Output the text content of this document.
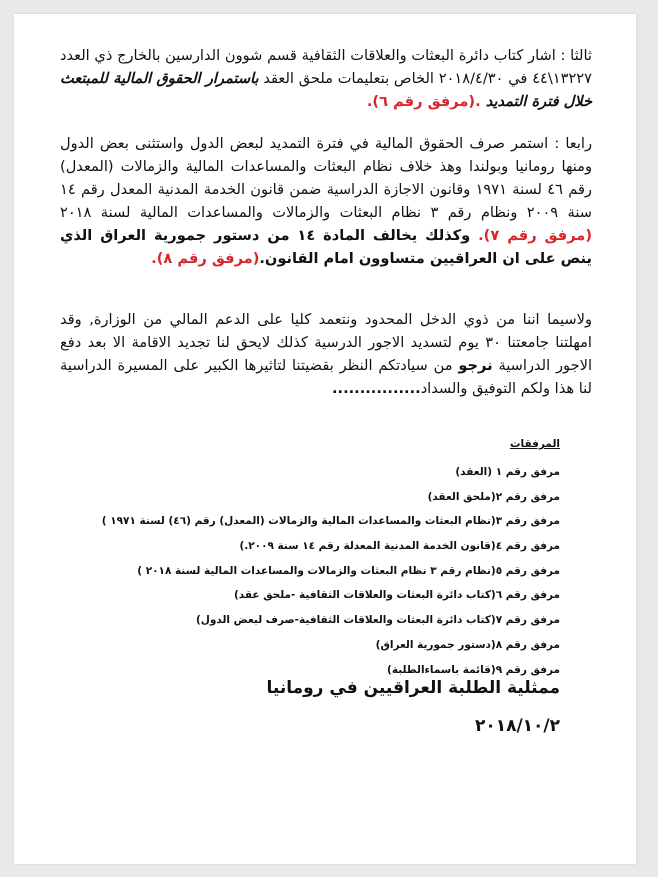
ثالثا : اشار كتاب دائرة البعثات والعلاقات الثقافية قسم شوون الدارسين بالخارج ذي العدد ١٣٢٢٧\٤٤ في ٢٠١٨/٤/٣٠ الخاص بتعليمات ملحق العقد باستمرار الحقوق المالية للمبتعث خلال فترة التمديد .(مرفق رقم ٦).

رابعا : استمر صرف الحقوق المالية في فترة التمديد لبعض الدول واستثنى بعض الدول ومنها رومانيا وبولندا وهذ خلاف نظام البعثات والمساعدات المالية والزمالات (المعدل) رقم ٤٦ لسنة ١٩٧١ وقانون الاجازة الدراسية ضمن قانون الخدمة المدنية المعدل رقم ١٤ سنة ٢٠٠٩ ونظام رقم ٣ نظام البعثات والزمالات والمساعدات المالية لسنة ٢٠١٨ (مرفق رقم ٧). وكذلك يخالف المادة ١٤ من دستور جمورية العراق الذي ينص على ان العراقيين متساوون امام القانون.(مرفق رقم ٨).

ولاسيما اننا من ذوي الدخل المحدود ونتعمد كليا على الدعم المالي من الوزارة, وقد امهلتنا جامعتنا ٣٠ يوم لتسديد الاجور الدرسية كذلك لايحق لنا تجديد الاقامة الا بعد دفع الاجور الدراسية نرجو من سيادتكم النظر بقضيتنا لتاثيرها الكبير على المسيرة الدراسية لنا هذا ولكم التوفيق والسداد................

المرفقات
مرفق رقم ١ (العقد)
مرفق رقم ٢(ملحق العقد)
مرفق رقم ٣(نظام البعثات والمساعدات المالية والزمالات (المعدل) رقم (٤٦) لسنة ١٩٧١ )
مرفق رقم ٤(قانون الخدمة المدنية المعدلة رقم ١٤ سنة ٢٠٠٩.)
مرفق رقم ٥(نظام رقم ٣ نظام البعثات والزمالات والمساعدات المالية لسنة ٢٠١٨ )
مرفق رقم ٦(كتاب دائرة البعثات والعلاقات الثقافية -ملحق عقد)
مرفق رقم ٧(كتاب دائرة البعثات والعلاقات الثقافية-صرف لبعض الدول)
مرفق رقم ٨(دستور جمورية العراق)
مرفق رقم ٩(قائمة باسماءالطلبة)
ممثلية الطلبة العراقيين في رومانيا
٢٠١٨/١٠/٢
